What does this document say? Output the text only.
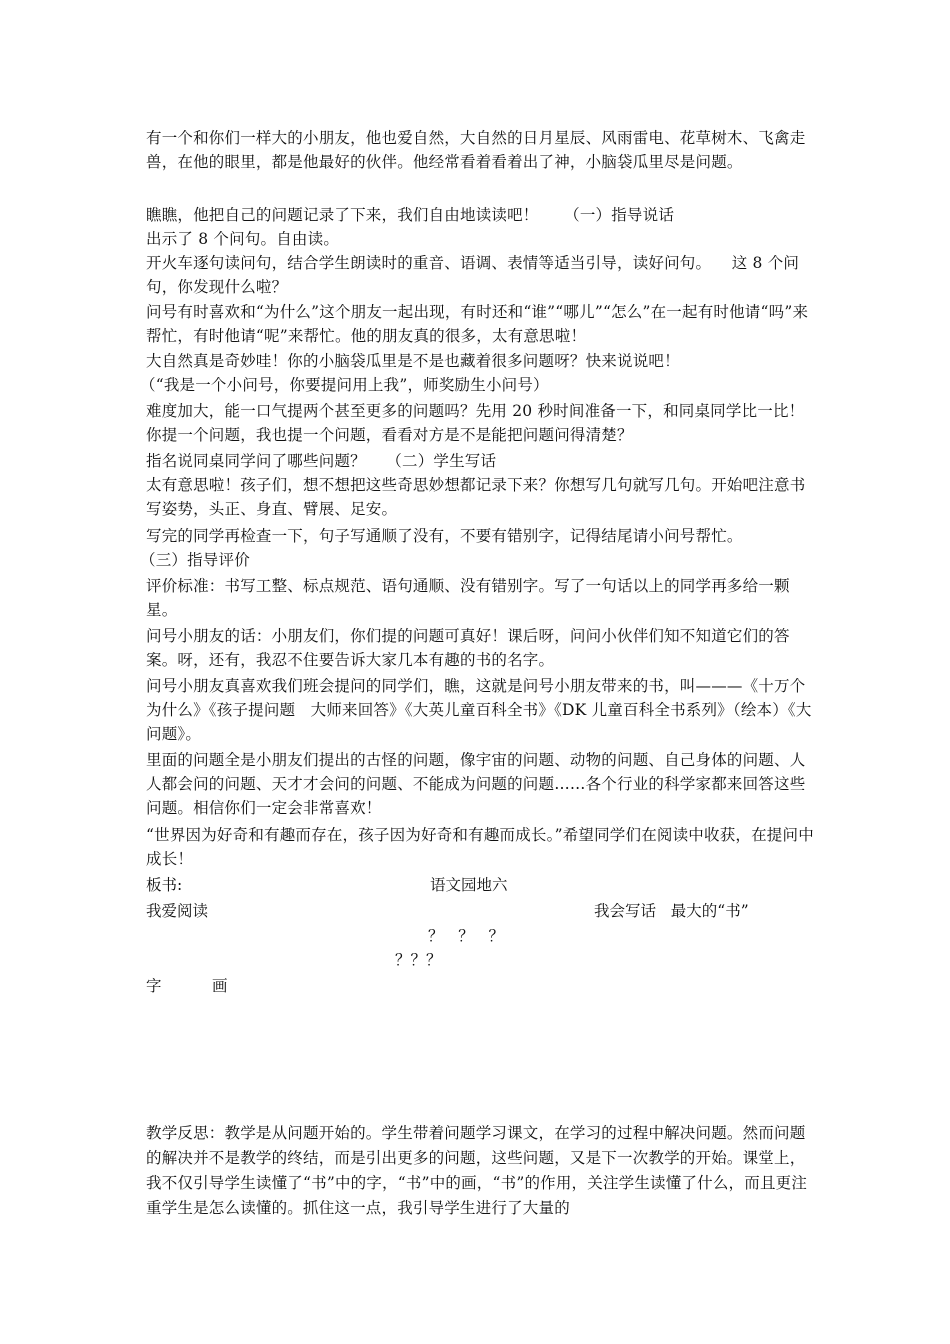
有一个和你们一样大的小朋友，他也爱自然，大自然的日月星辰、风雨雷电、花草树木、飞禽走兽，在他的眼里，都是他最好的伙伴。他经常看着看着出了神，小脑袋瓜里尽是问题。
瞧瞧，他把自己的问题记录了下来，我们自由地读读吧！     （一）指导说话
出示了 8 个问句。自由读。
开火车逐句读问句，结合学生朗读时的重音、语调、表情等适当引导，读好问句。    这 8 个问句，你发现什么啦？
问号有时喜欢和“为什么”这个朋友一起出现，有时还和“谁”“哪儿”“怎么”在一起有时他请“吗”来帮忙，有时他请“呢”来帮忙。他的朋友真的很多，太有意思啦！
大自然真是奇妙哇！你的小脑袋瓜里是不是也藏着很多问题呀？快来说说吧！
（“我是一个小问号，你要提问用上我”，师奖励生小问号）
难度加大，能一口气提两个甚至更多的问题吗？先用 20 秒时间准备一下，和同桌同学比一比！你提一个问题，我也提一个问题，看看对方是不是能把问题问得清楚？
指名说同桌同学问了哪些问题？    （二）学生写话
太有意思啦！孩子们，想不想把这些奇思妙想都记录下来？你想写几句就写几句。开始吧注意书写姿势，头正、身直、臂展、足安。
写完的同学再检查一下，句子写通顺了没有，不要有错别字，记得结尾请小问号帮忙。
（三）指导评价
评价标准：书写工整、标点规范、语句通顺、没有错别字。写了一句话以上的同学再多给一颗星。
问号小朋友的话：小朋友们，你们提的问题可真好！课后呀，问问小伙伴们知不知道它们的答案。呀，还有，我忍不住要告诉大家几本有趣的书的名字。
问号小朋友真喜欢我们班会提问的同学们，瞧，这就是问号小朋友带来的书，叫———《十万个为什么》《孩子提问题   大师来回答》《大英儿童百科全书》《DK 儿童百科全书系列》（绘本）《大问题》。
里面的问题全是小朋友们提出的古怪的问题，像宇宙的问题、动物的问题、自己身体的问题、人人都会问的问题、天才才会问的问题、不能成为问题的问题……各个行业的科学家都来回答这些问题。相信你们一定会非常喜欢！
“世界因为好奇和有趣而存在，孩子因为好奇和有趣而成长。”希望同学们在阅读中收获，在提问中成长！
板书:	语文园地六
我爱阅读	我会写话   最大的“书”
？   ？   ？
？？？
字	画
教学反思：教学是从问题开始的。学生带着问题学习课文，在学习的过程中解决问题。然而问题的解决并不是教学的终结，而是引出更多的问题，这些问题，又是下一次教学的开始。课堂上，我不仅引导学生读懂了“书”中的字，“书”中的画，“书”的作用，关注学生读懂了什么，而且更注重学生是怎么读懂的。抓住这一点，我引导学生进行了大量的
